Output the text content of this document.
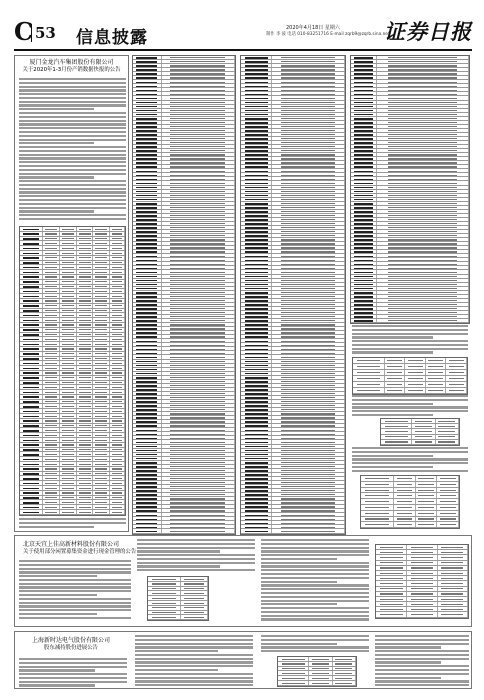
C 53 信息披露	2020年4月18日 星期六
制作 李 波 电话 010-83251716 E-mail zqrb9@zqrb.sina.net
证券日报
厦门金龙汽车集团股份有限公司
关于2020年1-3月份产销数据快报的公告
北京天宜上佳高新材料股份有限公司
关于使用部分闲置募集资金进行现金管理的公告
上海新时达电气股份有限公司
股东减持股份进展公告
